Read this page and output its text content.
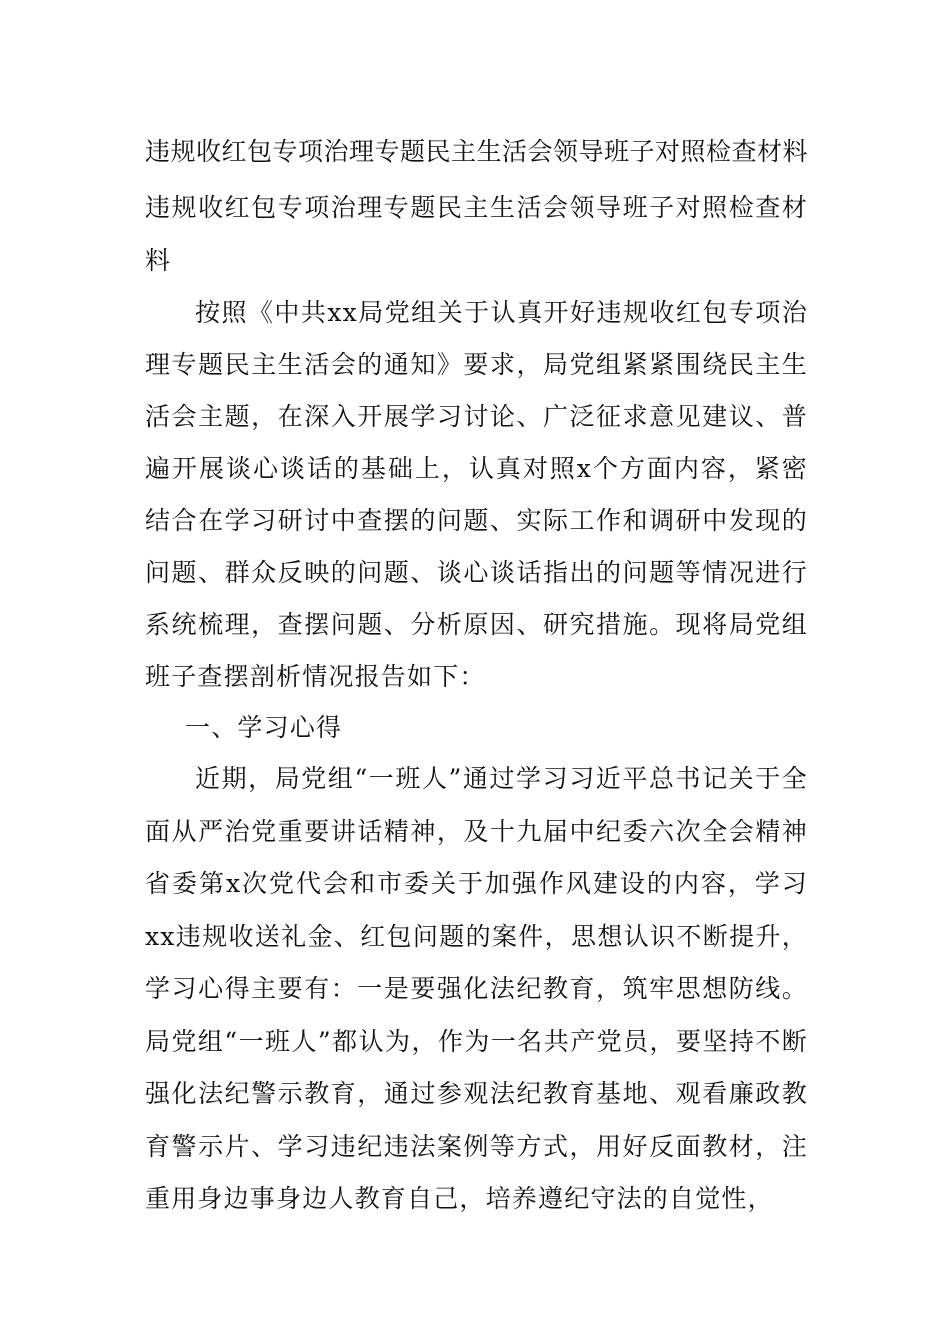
违规收红包专项治理专题民主生活会领导班子对照检查材料

违规收红包专项治理专题民主生活会领导班子对照检查材料

按照《中共xx局党组关于认真开好违规收红包专项治理专题民主生活会的通知》要求，局党组紧紧围绕民主生活会主题，在深入开展学习讨论、广泛征求意见建议、普遍开展谈心谈话的基础上，认真对照x个方面内容，紧密结合在学习研讨中查摆的问题、实际工作和调研中发现的问题、群众反映的问题、谈心谈话指出的问题等情况进行系统梳理，查摆问题、分析原因、研究措施。现将局党组班子查摆剖析情况报告如下：

一、学习心得

近期，局党组“一班人”通过学习习近平总书记关于全面从严治党重要讲话精神，及十九届中纪委六次全会精神省委第x次党代会和市委关于加强作风建设的内容，学习xx违规收送礼金、红包问题的案件，思想认识不断提升，学习心得主要有：一是要强化法纪教育，筑牢思想防线。局党组“一班人”都认为，作为一名共产党员，要坚持不断强化法纪警示教育，通过参观法纪教育基地、观看廉政教育警示片、学习违纪违法案例等方式，用好反面教材，注重用身边事身边人教育自己，培养遵纪守法的自觉性，
